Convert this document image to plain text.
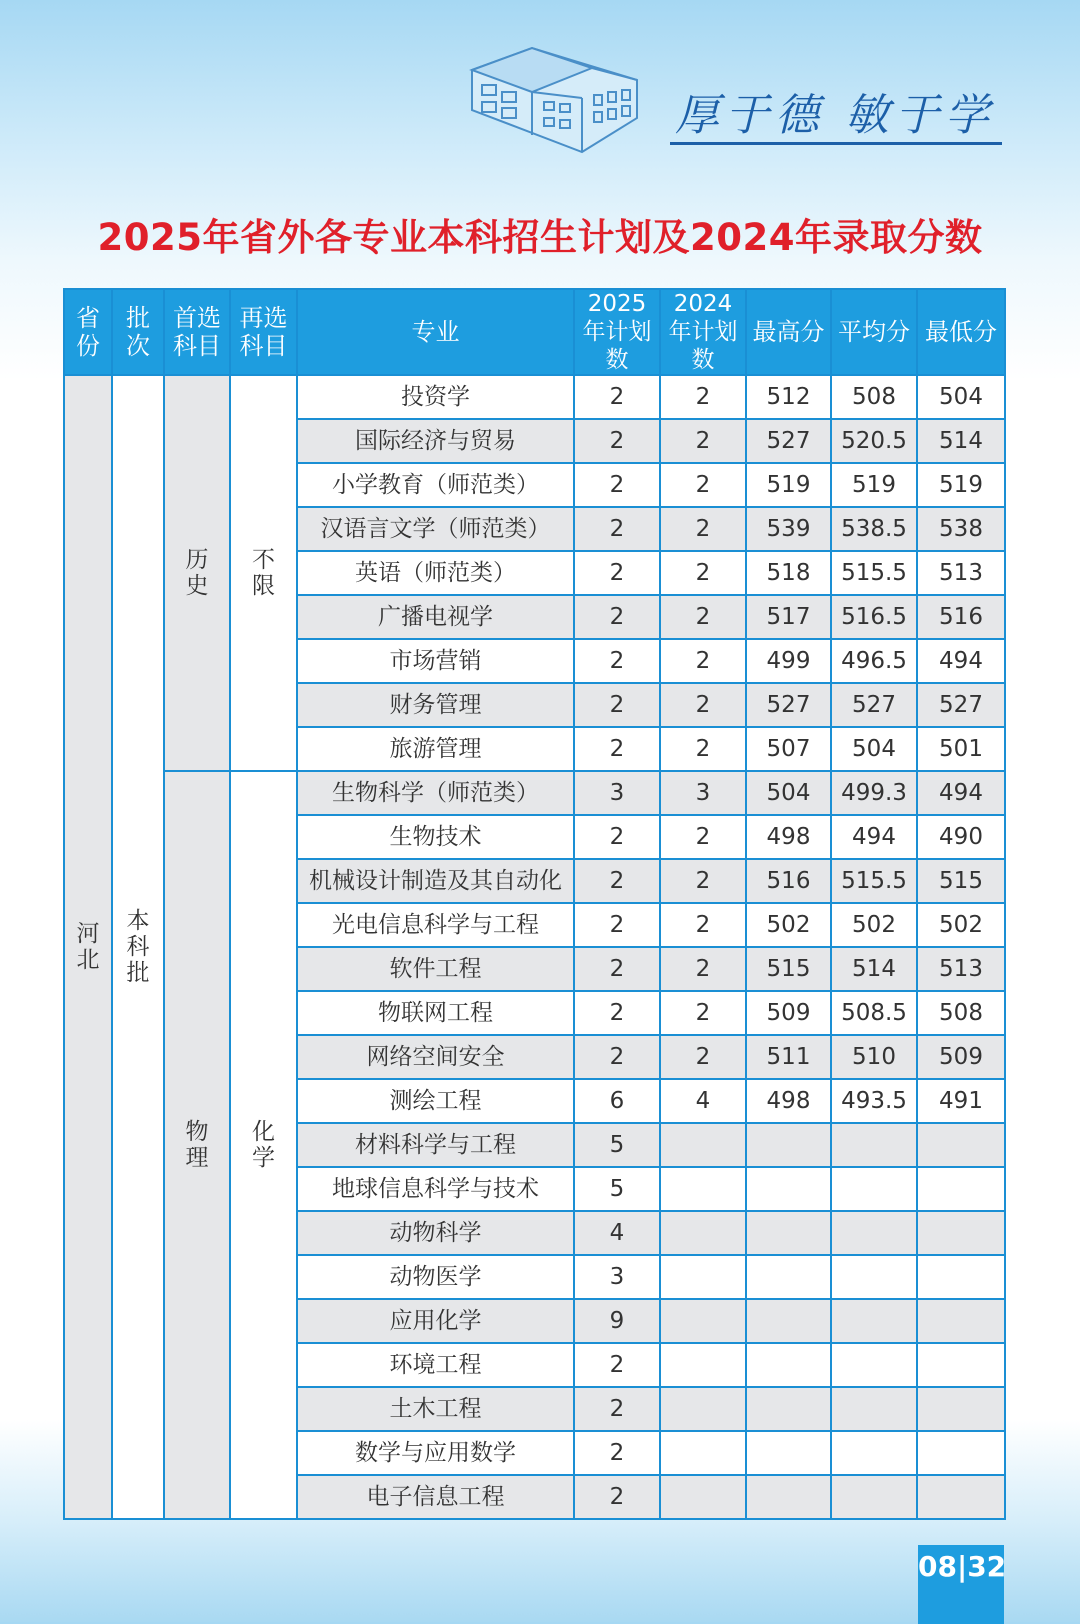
厚于德 敏于学
2025年省外各专业本科招生计划及2024年录取分数
省份	批次	首选科目	再选科目	专业	2025年计划数	2024年计划数	最高分	平均分	最低分
河北	本科批	历史	不限	投资学	2	2	512	508	504
				国际经济与贸易	2	2	527	520.5	514
				小学教育（师范类）	2	2	519	519	519
				汉语言文学（师范类）	2	2	539	538.5	538
				英语（师范类）	2	2	518	515.5	513
				广播电视学	2	2	517	516.5	516
				市场营销	2	2	499	496.5	494
				财务管理	2	2	527	527	527
				旅游管理	2	2	507	504	501
		物理	化学	生物科学（师范类）	3	3	504	499.3	494
				生物技术	2	2	498	494	490
				机械设计制造及其自动化	2	2	516	515.5	515
				光电信息科学与工程	2	2	502	502	502
				软件工程	2	2	515	514	513
				物联网工程	2	2	509	508.5	508
				网络空间安全	2	2	511	510	509
				测绘工程	6	4	498	493.5	491
				材料科学与工程	5				
				地球信息科学与技术	5				
				动物科学	4				
				动物医学	3				
				应用化学	9				
				环境工程	2				
				土木工程	2				
				数学与应用数学	2				
				电子信息工程	2				
08|32
